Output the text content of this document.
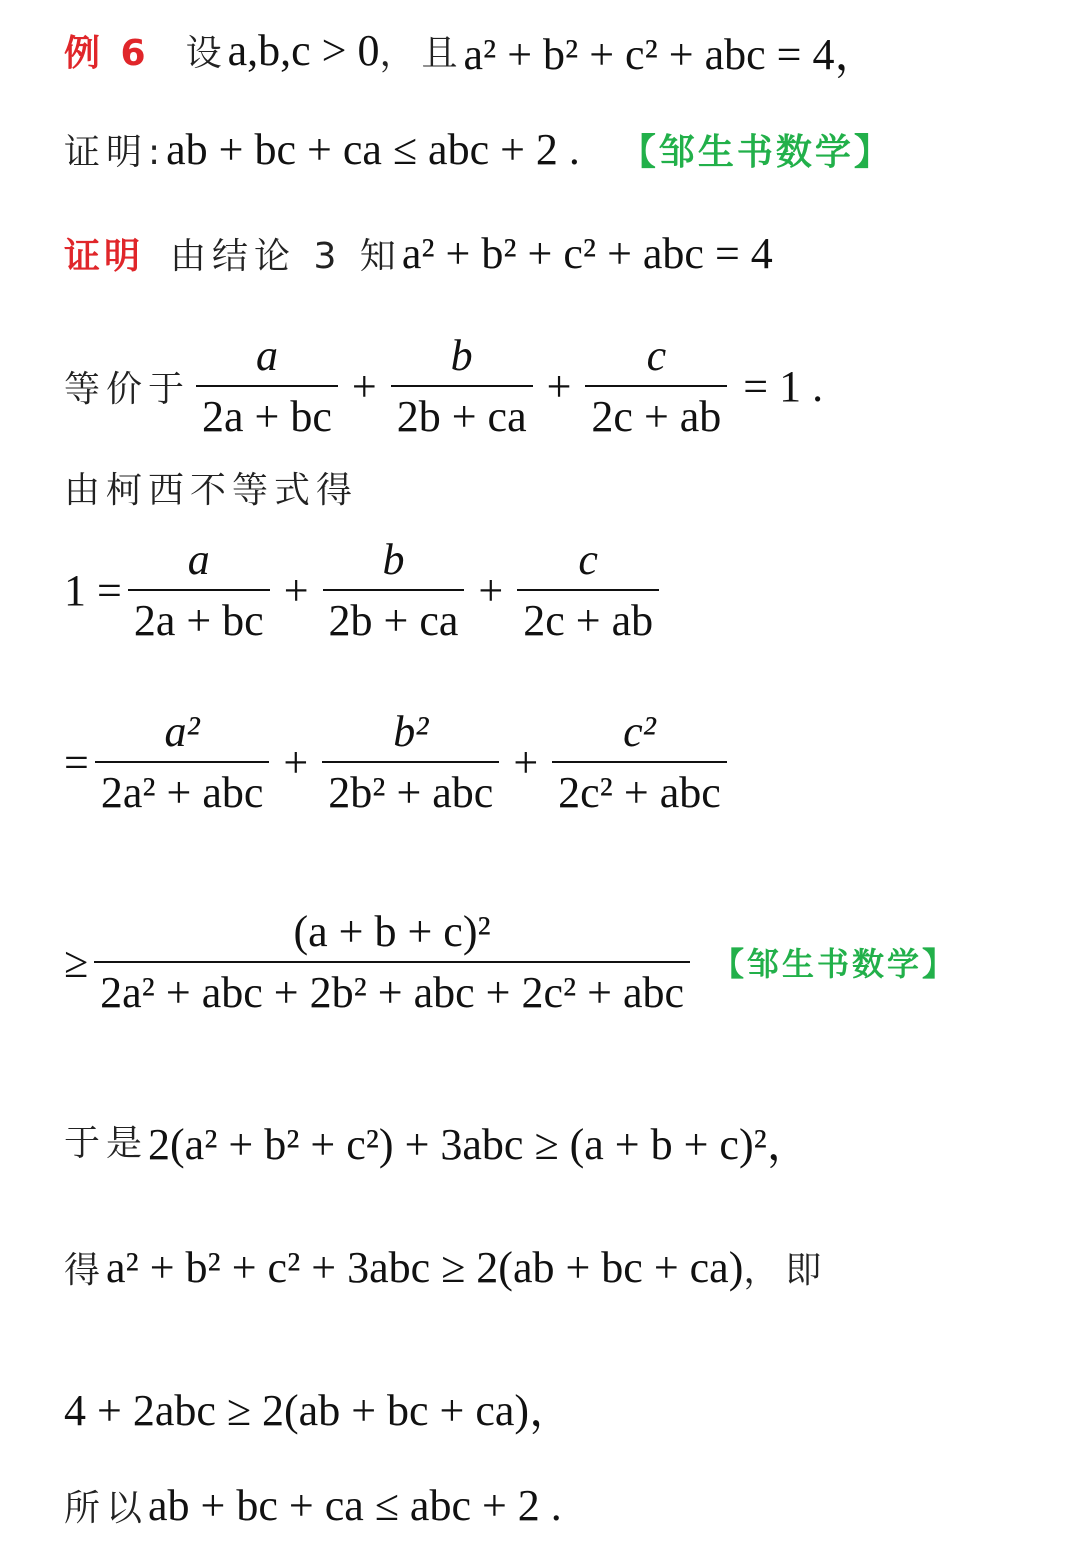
例 6 设 a,b,c > 0 ，且 a² + b² + c² + abc = 4，
证明: ab + bc + ca ≤ abc + 2 . 【邹生书数学】
证明 由结论 3 知 a² + b² + c² + abc = 4
等价于 $\frac{a}{2a + bc} + \frac{b}{2b + ca} + \frac{c}{2c + ab} = 1$ .
由柯西不等式得
$1 = \frac{a}{2a + bc} + \frac{b}{2b + ca} + \frac{c}{2c + ab}$
= $\frac{\text{a²}}{\text{2a² + abc}} + \frac{\text{b²}}{\text{2b² + abc}} + \frac{\text{c²}}{\text{2c² + abc}}$
≥ $\frac{\text{(a + b + c)²}}{\text{2a² + abc + 2b² + abc + 2c² + abc}}$ 【邹生书数学】
于是 2(a² + b² + c²) + 3abc ≥ (a + b + c)²，
得 a² + b² + c² + 3abc ≥ 2(ab + bc + ca) ，即
4 + 2abc ≥ 2(ab + bc + ca)，
所以 ab + bc + ca ≤ abc + 2 .
